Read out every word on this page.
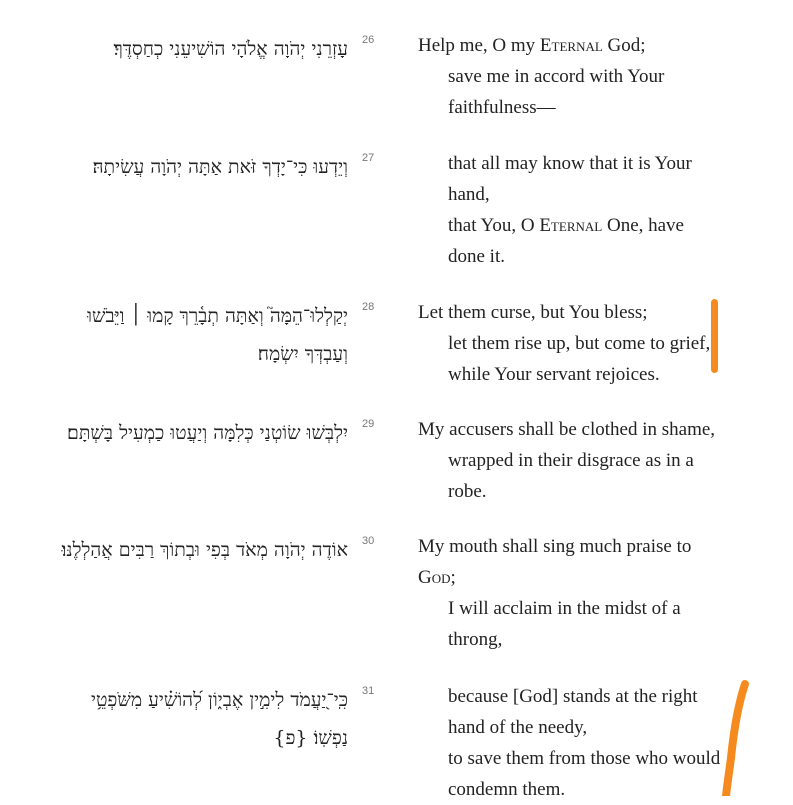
עָזְרֵנִי יְהֹוָה אֱלֹהָי הוֹשִׁיעֵנִי כְחַסְדֶּךָ׃ 26 Help me, O my Eternal God;
save me in accord with Your
faithfulness—
וְיֵדְעוּ כִּי־יָדְךָ זֹּאת אַתָּה יְהֹוָה עֲשִׂיתָהּ׃ 27	that all may know that it is Your
hand,
that You, O Eternal One, have
done it.
יְקַלְלוּ־הֵמָּה֮ וְאַתָּה תְבָ֫רֵךְ קָמוּ ׀ וַיֵּבֹשׁוּ
וְעַבְדְּךָ יִשְׂמָח׃
28 Let them curse, but You bless;
let them rise up, but come to grief,
while Your servant rejoices.
יִלְבְּשׁוּ שׂוֹטְנַי כְּלִמָּה וְיַעֲטוּ כַמְעִיל בָּשְׁתָּם׃ 29 My accusers shall be clothed in shame,
wrapped in their disgrace as in a
robe.
אוֹדֶה יְהֹוָה מְאֹד בְּפִי וּבְתוֹךְ רַבִּים אֲהַלְלֶנּוּ׃ 30 My mouth shall sing much praise to
God;
I will acclaim in the midst of a
throng,
כִּֽי־יַ֭עֲמֹד לִימִ֣ין אֶבְי֑וֹן לְ֝הוֹשִׁ֗יעַ מִשֹּׁפְטֵ֥י
נַפְשֽׁוֹ׃ {פ}
31	because [God] stands at the right
hand of the needy,
to save them from those who would
condemn them.
